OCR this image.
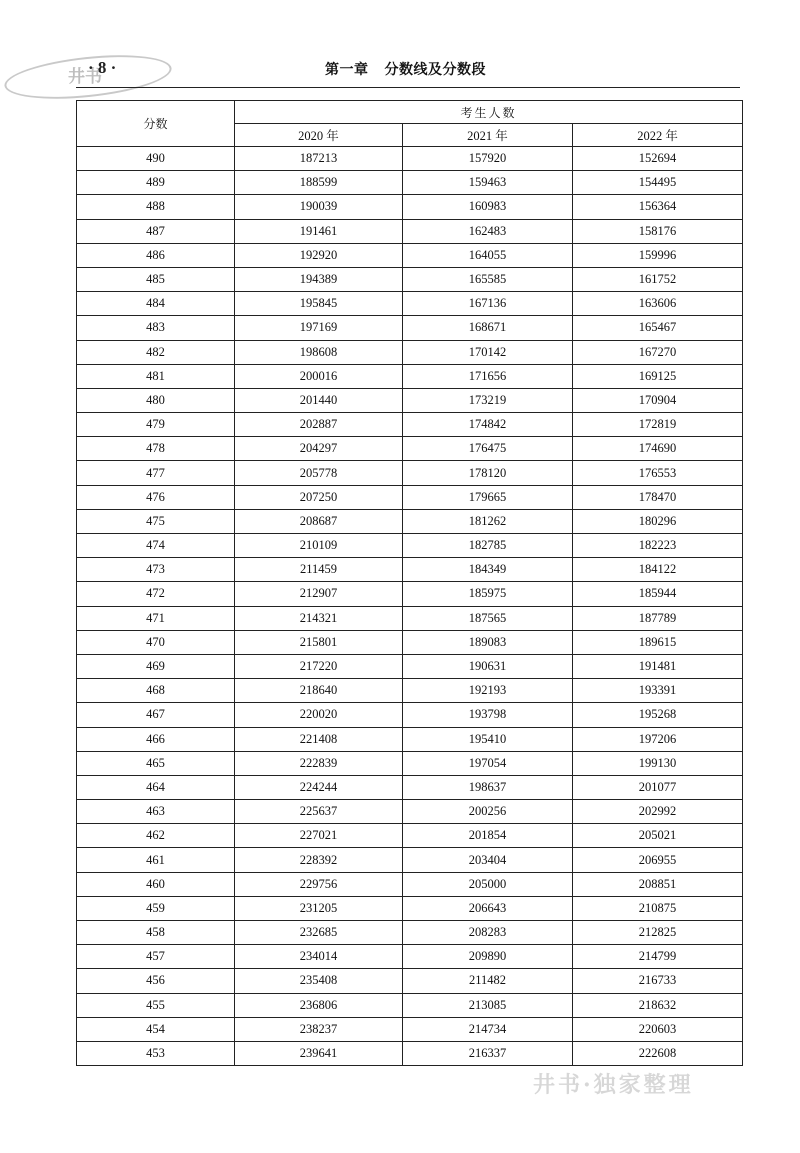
井书
· 8 ·	第一章 分数线及分数段
分数	考生人数		
	2020 年	2021 年	2022 年
490	187213	157920	152694
489	188599	159463	154495
488	190039	160983	156364
487	191461	162483	158176
486	192920	164055	159996
485	194389	165585	161752
484	195845	167136	163606
483	197169	168671	165467
482	198608	170142	167270
481	200016	171656	169125
480	201440	173219	170904
479	202887	174842	172819
478	204297	176475	174690
477	205778	178120	176553
476	207250	179665	178470
475	208687	181262	180296
474	210109	182785	182223
473	211459	184349	184122
472	212907	185975	185944
471	214321	187565	187789
470	215801	189083	189615
469	217220	190631	191481
468	218640	192193	193391
467	220020	193798	195268
466	221408	195410	197206
465	222839	197054	199130
464	224244	198637	201077
463	225637	200256	202992
462	227021	201854	205021
461	228392	203404	206955
460	229756	205000	208851
459	231205	206643	210875
458	232685	208283	212825
457	234014	209890	214799
456	235408	211482	216733
455	236806	213085	218632
454	238237	214734	220603
453	239641	216337	222608
井书·独家整理
